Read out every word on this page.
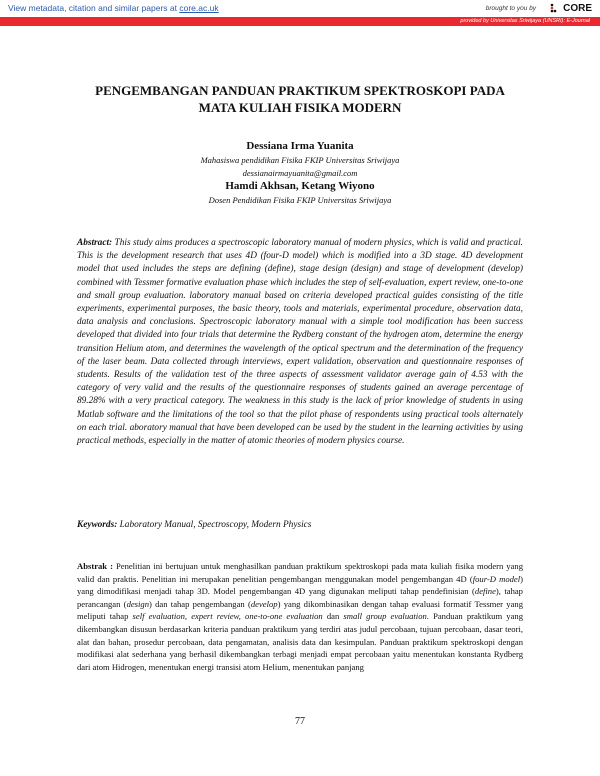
View metadata, citation and similar papers at core.ac.uk	brought to you by	CORE
provided by Universitas Sriwijaya (UNSRI): E-Journal
PENGEMBANGAN PANDUAN PRAKTIKUM SPEKTROSKOPI PADA
MATA KULIAH FISIKA MODERN
Dessiana Irma Yuanita
Mahasiswa pendidikan Fisika FKIP Universitas Sriwijaya
dessianairmayuanita@gmail.com
Hamdi Akhsan, Ketang Wiyono
Dosen Pendidikan Fisika FKIP Universitas Sriwijaya
Abstract: This study aims produces a spectroscopic laboratory manual of modern physics, which is valid and practical. This is the development research that uses 4D (four-D model) which is modified into a 3D stage. 4D development model that used includes the steps are defining (define), stage design (design) and stage of development (develop) combined with Tessmer formative evaluation phase which includes the step of self-evaluation, expert review, one-to-one and small group evaluation. laboratory manual based on criteria developed practical guides consisting of the title experiments, experimental purposes, the basic theory, tools and materials, experimental procedure, observation data, data analysis and conclusions. Spectroscopic laboratory manual with a simple tool modification has been success developed that divided into four trials that determine the Rydberg constant of the hydrogen atom, determine the energy transition Helium atom, and determines the wavelength of the optical spectrum and the determination of the frequency of the laser beam. Data collected through interviews, expert validation, observation and questionnaire responses of students. Results of the validation test of the three aspects of assessment validator average gain of 4.53 with the category of very valid and the results of the questionnaire responses of students gained an average percentage of 89.28% with a very practical category. The weakness in this study is the lack of prior knowledge of students in using Matlab software and the limitations of the tool so that the pilot phase of respondents using practical tools alternately on each trial. aboratory manual that have been developed can be used by the student in the learning activities by using practical methods, especially in the matter of atomic theories of modern physics course.
Keywords: Laboratory Manual, Spectroscopy, Modern Physics
Abstrak : Penelitian ini bertujuan untuk menghasilkan panduan praktikum spektroskopi pada mata kuliah fisika modern yang valid dan praktis. Penelitian ini merupakan penelitian pengembangan menggunakan model pengembangan 4D (four-D model) yang dimodifikasi menjadi tahap 3D. Model pengembangan 4D yang digunakan meliputi tahap pendefinisian (define), tahap perancangan (design) dan tahap pengembangan (develop) yang dikombinasikan dengan tahap evaluasi formatif Tessmer yang meliputi tahap self evaluation, expert review, one-to-one evaluation dan small group evaluation. Panduan praktikum yang dikembangkan disusun berdasarkan kriteria panduan praktikum yang terdiri atas judul percobaan, tujuan percobaan, dasar teori, alat dan bahan, prosedur percobaan, data pengamatan, analisis data dan kesimpulan. Panduan praktikum spektroskopi dengan modifikasi alat sederhana yang berhasil dikembangkan terbagi menjadi empat percobaan yaitu menentukan konstanta Rydberg dari atom Hidrogen, menentukan energi transisi atom Helium, menentukan panjang
77
